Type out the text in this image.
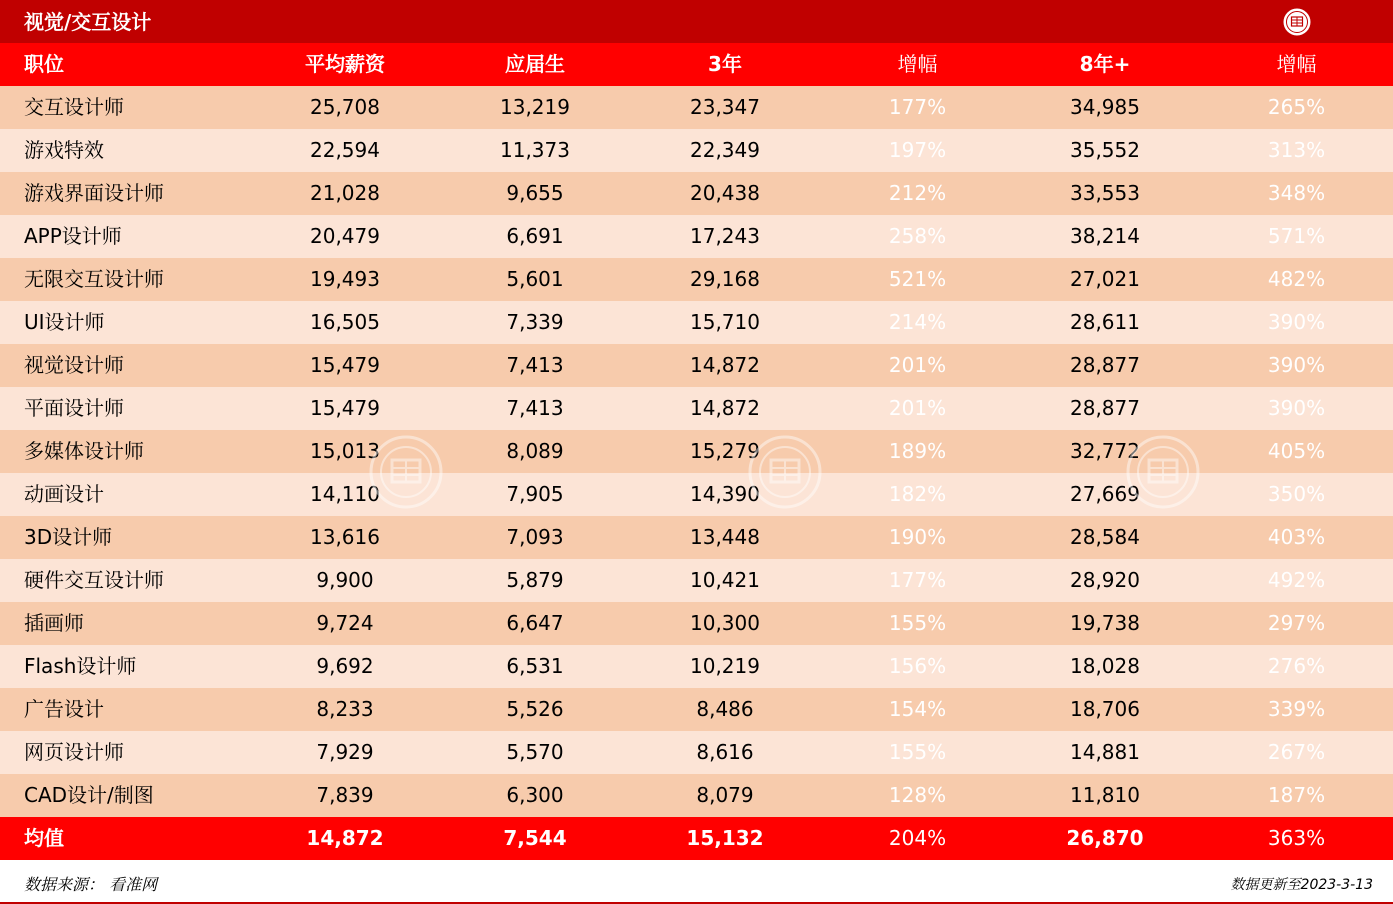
视觉/交互设计
职位	平均薪资	应届生	3年	增幅	8年+	增幅
交互设计师	25,708	13,219	23,347	177%	34,985	265%
游戏特效	22,594	11,373	22,349	197%	35,552	313%
游戏界面设计师	21,028	9,655	20,438	212%	33,553	348%
APP设计师	20,479	6,691	17,243	258%	38,214	571%
无限交互设计师	19,493	5,601	29,168	521%	27,021	482%
UI设计师	16,505	7,339	15,710	214%	28,611	390%
视觉设计师	15,479	7,413	14,872	201%	28,877	390%
平面设计师	15,479	7,413	14,872	201%	28,877	390%
多媒体设计师	15,013	8,089	15,279	189%	32,772	405%
动画设计	14,110	7,905	14,390	182%	27,669	350%
3D设计师	13,616	7,093	13,448	190%	28,584	403%
硬件交互设计师	9,900	5,879	10,421	177%	28,920	492%
插画师	9,724	6,647	10,300	155%	19,738	297%
Flash设计师	9,692	6,531	10,219	156%	18,028	276%
广告设计	8,233	5,526	8,486	154%	18,706	339%
网页设计师	7,929	5,570	8,616	155%	14,881	267%
CAD设计/制图	7,839	6,300	8,079	128%	11,810	187%
均值	14,872	7,544	15,132	204%	26,870	363%
数据来源： 看准网	数据更新至2023-3-13
